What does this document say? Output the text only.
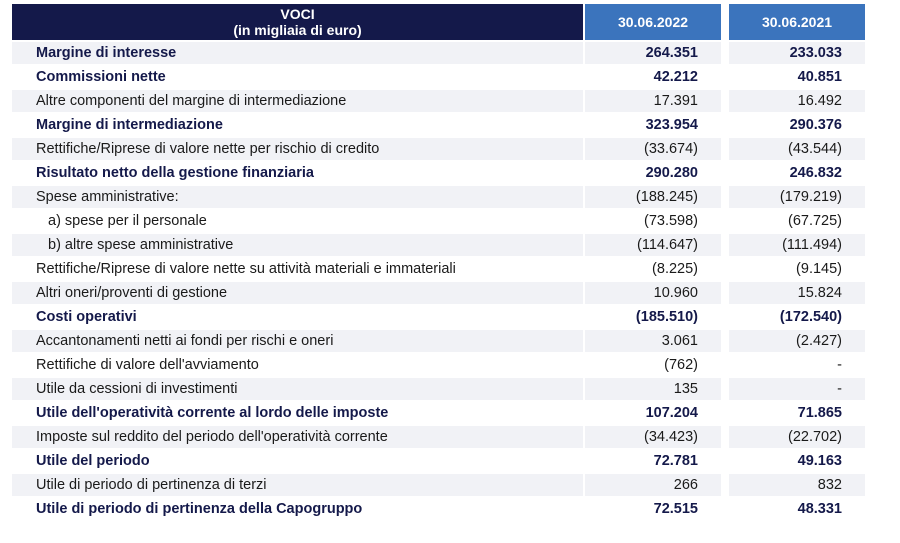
VOCI
(in migliaia di euro)		30.06.2022		30.06.2021
Margine di interesse		264.351		233.033
Commissioni nette		42.212		40.851
Altre componenti del margine di intermediazione		17.391		16.492
Margine di intermediazione		323.954		290.376
Rettifiche/Riprese di valore nette per rischio di credito		(33.674)		(43.544)
Risultato netto della gestione finanziaria		290.280		246.832
Spese amministrative:		(188.245)		(179.219)
a) spese per il personale		(73.598)		(67.725)
b) altre spese amministrative		(114.647)		(111.494)
Rettifiche/Riprese di valore nette su attività materiali e immateriali		(8.225)		(9.145)
Altri oneri/proventi di gestione		10.960		15.824
Costi operativi		(185.510)		(172.540)
Accantonamenti netti ai fondi per rischi e oneri		3.061		(2.427)
Rettifiche di valore dell'avviamento		(762)		-
Utile da cessioni di investimenti		135		-
Utile dell'operatività corrente al lordo delle imposte		107.204		71.865
Imposte sul reddito del periodo dell'operatività corrente		(34.423)		(22.702)
Utile del periodo		72.781		49.163
Utile di periodo di pertinenza di terzi		266		832
Utile di periodo di pertinenza della Capogruppo		72.515		48.331
